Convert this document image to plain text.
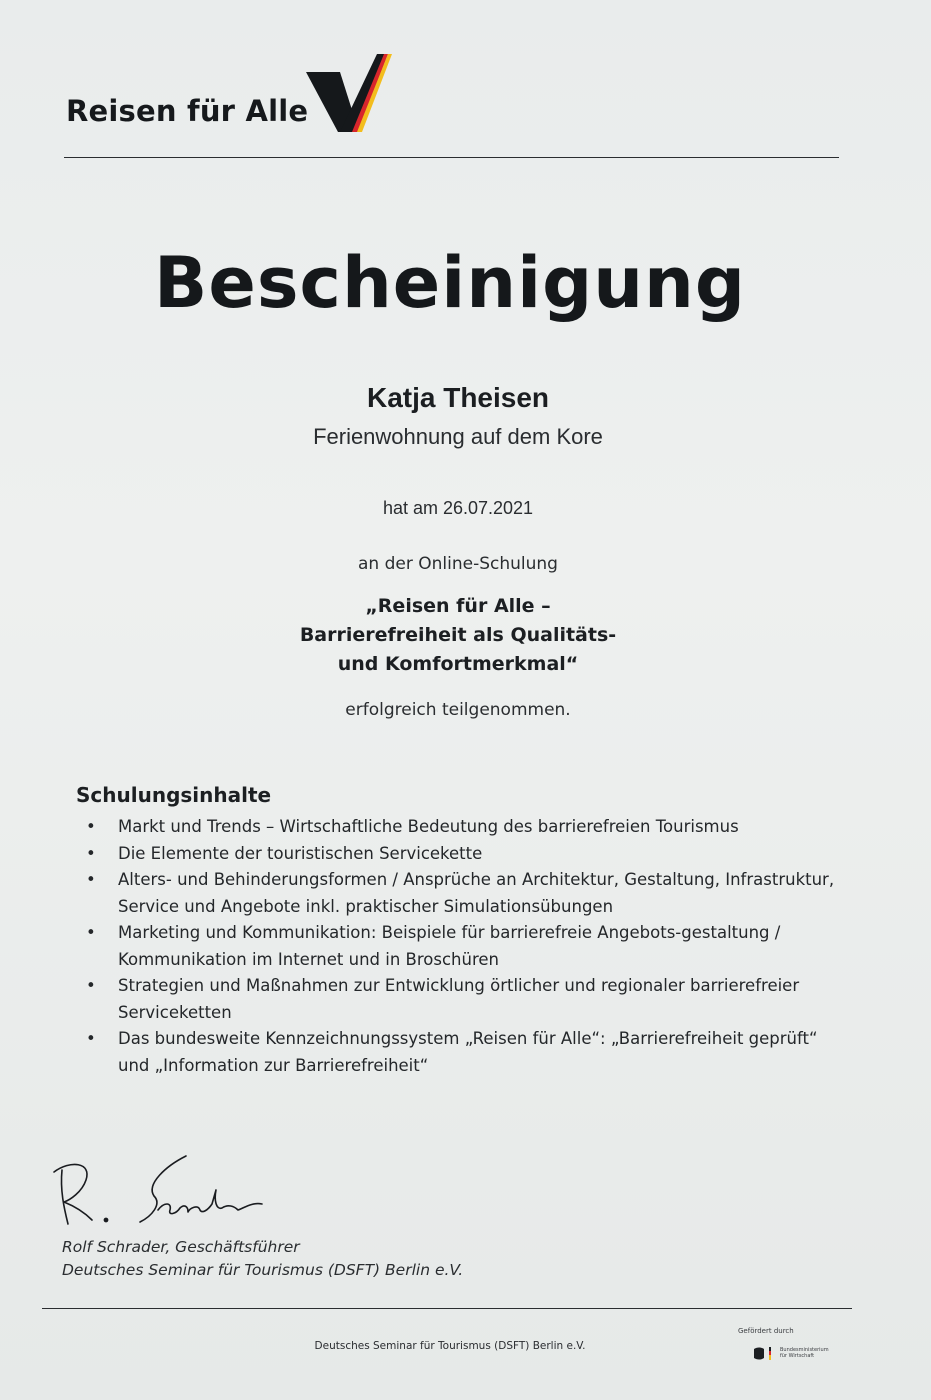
Reisen für Alle
Bescheinigung
Katja Theisen
Ferienwohnung auf dem Kore
hat am 26.07.2021
an der Online-Schulung
„Reisen für Alle –
Barrierefreiheit als Qualitäts-
und Komfortmerkmal“
erfolgreich teilgenommen.
Schulungsinhalte
• Markt und Trends – Wirtschaftliche Bedeutung des barrierefreien Tourismus
• Die Elemente der touristischen Servicekette
• Alters- und Behinderungsformen / Ansprüche an Architektur, Gestaltung, Infrastruktur, Service und Angebote inkl. praktischer Simulationsübungen
• Marketing und Kommunikation: Beispiele für barrierefreie Angebots-gestaltung / Kommunikation im Internet und in Broschüren
• Strategien und Maßnahmen zur Entwicklung örtlicher und regionaler barrierefreier Serviceketten
• Das bundesweite Kennzeichnungssystem „Reisen für Alle“: „Barrierefreiheit geprüft“ und „Information zur Barrierefreiheit“
Rolf Schrader, Geschäftsführer
Deutsches Seminar für Tourismus (DSFT) Berlin e.V.
Deutsches Seminar für Tourismus (DSFT) Berlin e.V.
Gefördert durch
Bundesministerium
für Wirtschaft
